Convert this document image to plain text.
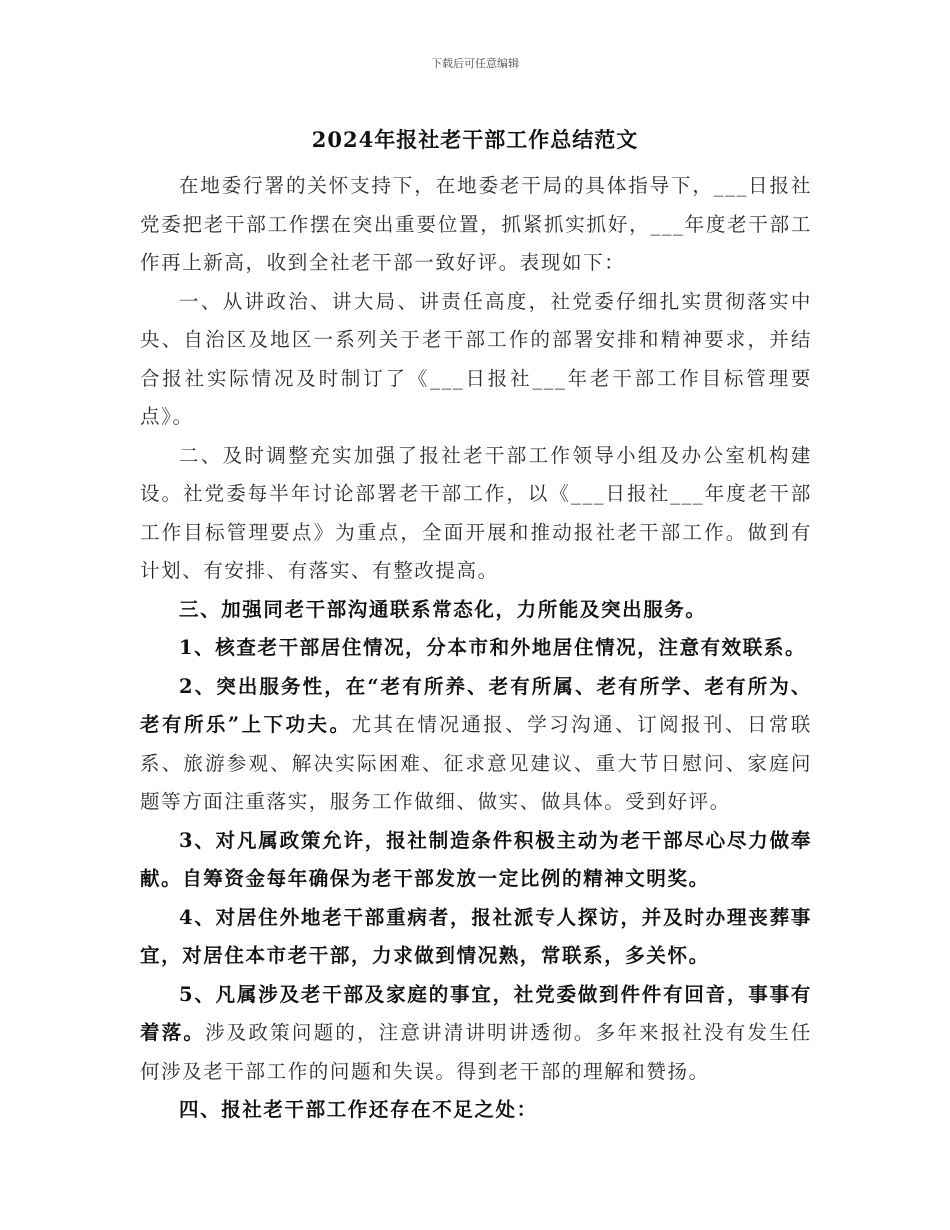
下载后可任意编辑
2024年报社老干部工作总结范文

在地委行署的关怀支持下，在地委老干局的具体指导下，___日报社党委把老干部工作摆在突出重要位置，抓紧抓实抓好，___年度老干部工作再上新高，收到全社老干部一致好评。表现如下：

一、从讲政治、讲大局、讲责任高度，社党委仔细扎实贯彻落实中央、自治区及地区一系列关于老干部工作的部署安排和精神要求，并结合报社实际情况及时制订了《___日报社___年老干部工作目标管理要点》。

二、及时调整充实加强了报社老干部工作领导小组及办公室机构建设。社党委每半年讨论部署老干部工作，以《___日报社___年度老干部工作目标管理要点》为重点，全面开展和推动报社老干部工作。做到有计划、有安排、有落实、有整改提高。

三、加强同老干部沟通联系常态化，力所能及突出服务。

1、核查老干部居住情况，分本市和外地居住情况，注意有效联系。

2、突出服务性，在“老有所养、老有所属、老有所学、老有所为、老有所乐”上下功夫。尤其在情况通报、学习沟通、订阅报刊、日常联系、旅游参观、解决实际困难、征求意见建议、重大节日慰问、家庭问题等方面注重落实，服务工作做细、做实、做具体。受到好评。

3、对凡属政策允许，报社制造条件积极主动为老干部尽心尽力做奉献。自筹资金每年确保为老干部发放一定比例的精神文明奖。

4、对居住外地老干部重病者，报社派专人探访，并及时办理丧葬事宜，对居住本市老干部，力求做到情况熟，常联系，多关怀。

5、凡属涉及老干部及家庭的事宜，社党委做到件件有回音，事事有着落。涉及政策问题的，注意讲清讲明讲透彻。多年来报社没有发生任何涉及老干部工作的问题和失误。得到老干部的理解和赞扬。

四、报社老干部工作还存在不足之处：
